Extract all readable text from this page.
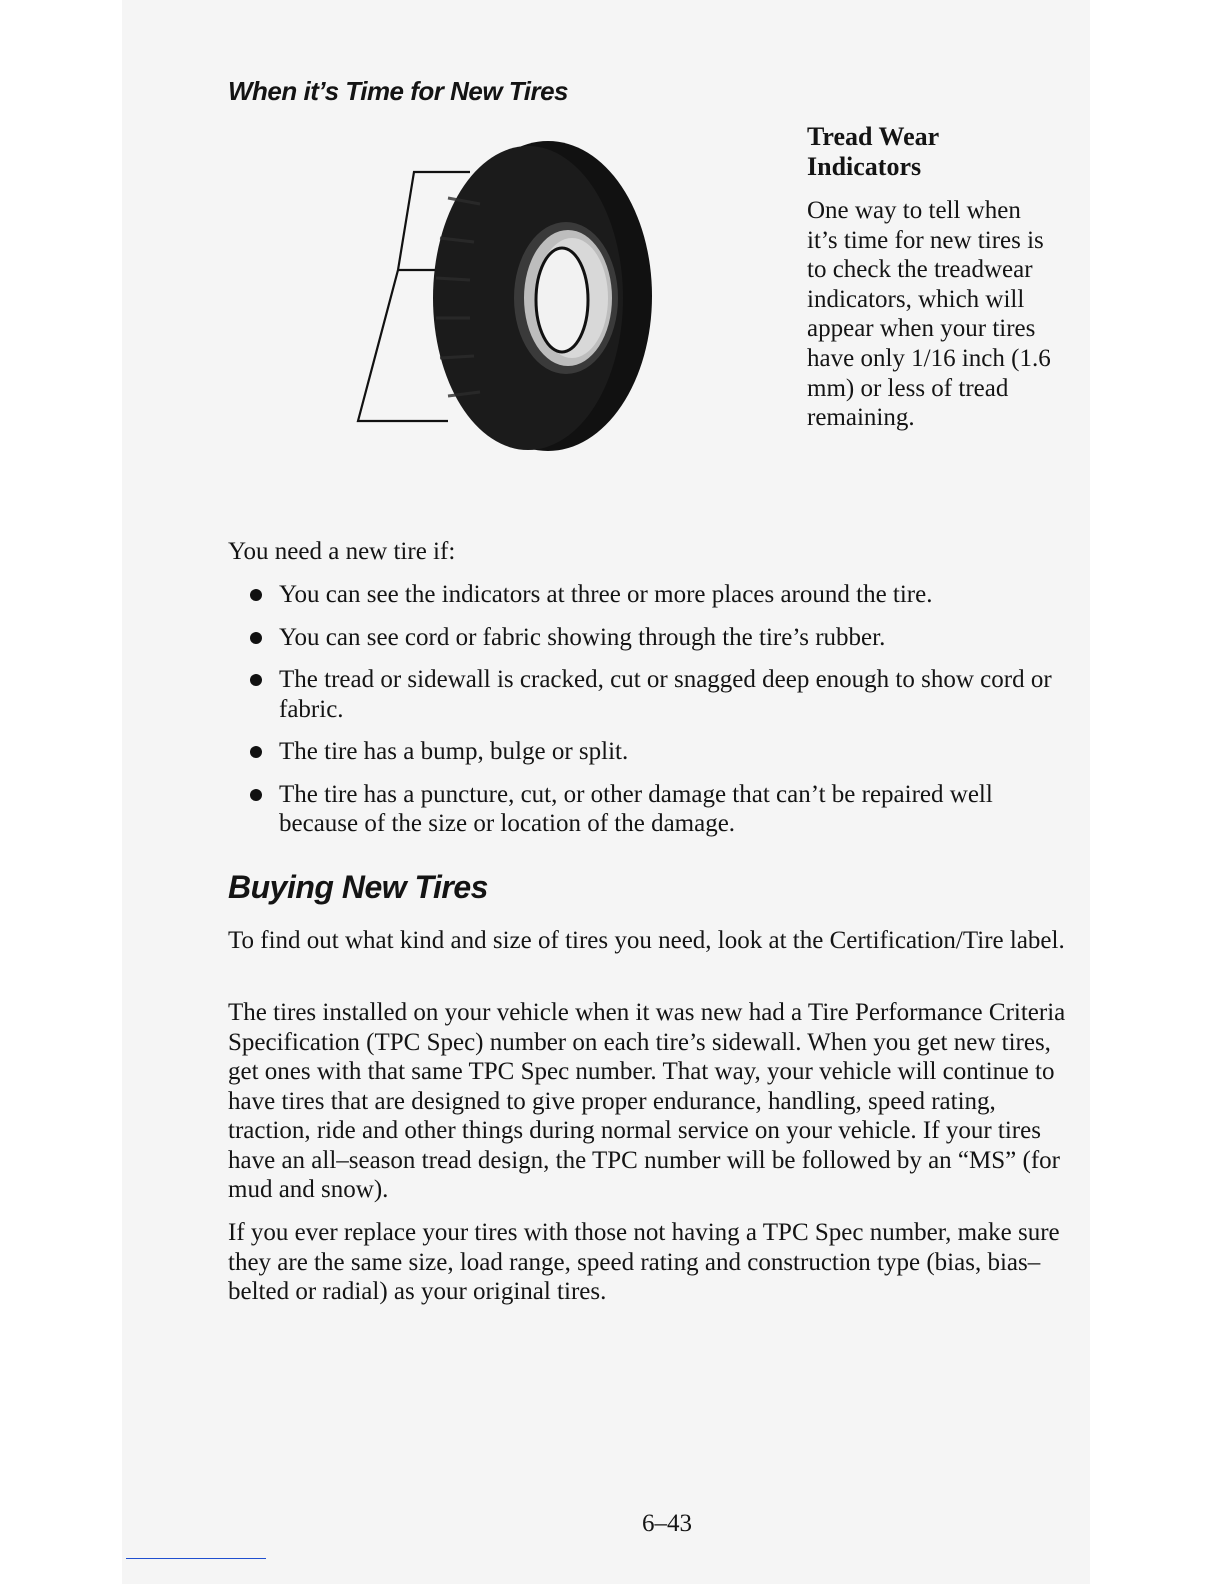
When it’s Time for New Tires
Tread Wear Indicators

One way to tell when it’s time for new tires is to check the treadwear indicators, which will appear when your tires have only 1/16 inch (1.6 mm) or less of tread remaining.

You need a new tire if:

You can see the indicators at three or more places around the tire.
You can see cord or fabric showing through the tire’s rubber.
The tread or sidewall is cracked, cut or snagged deep enough to show cord or fabric.
The tire has a bump, bulge or split.
The tire has a puncture, cut, or other damage that can’t be repaired well because of the size or location of the damage.
Buying New Tires

To find out what kind and size of tires you need, look at the Certification/Tire label.

The tires installed on your vehicle when it was new had a Tire Performance Criteria Specification (TPC Spec) number on each tire’s sidewall. When you get new tires, get ones with that same TPC Spec number. That way, your vehicle will continue to have tires that are designed to give proper endurance, handling, speed rating, traction, ride and other things during normal service on your vehicle. If your tires have an all–season tread design, the TPC number will be followed by an “MS” (for mud and snow).

If you ever replace your tires with those not having a TPC Spec number, make sure they are the same size, load range, speed rating and construction type (bias, bias–belted or radial) as your original tires.

6–43
